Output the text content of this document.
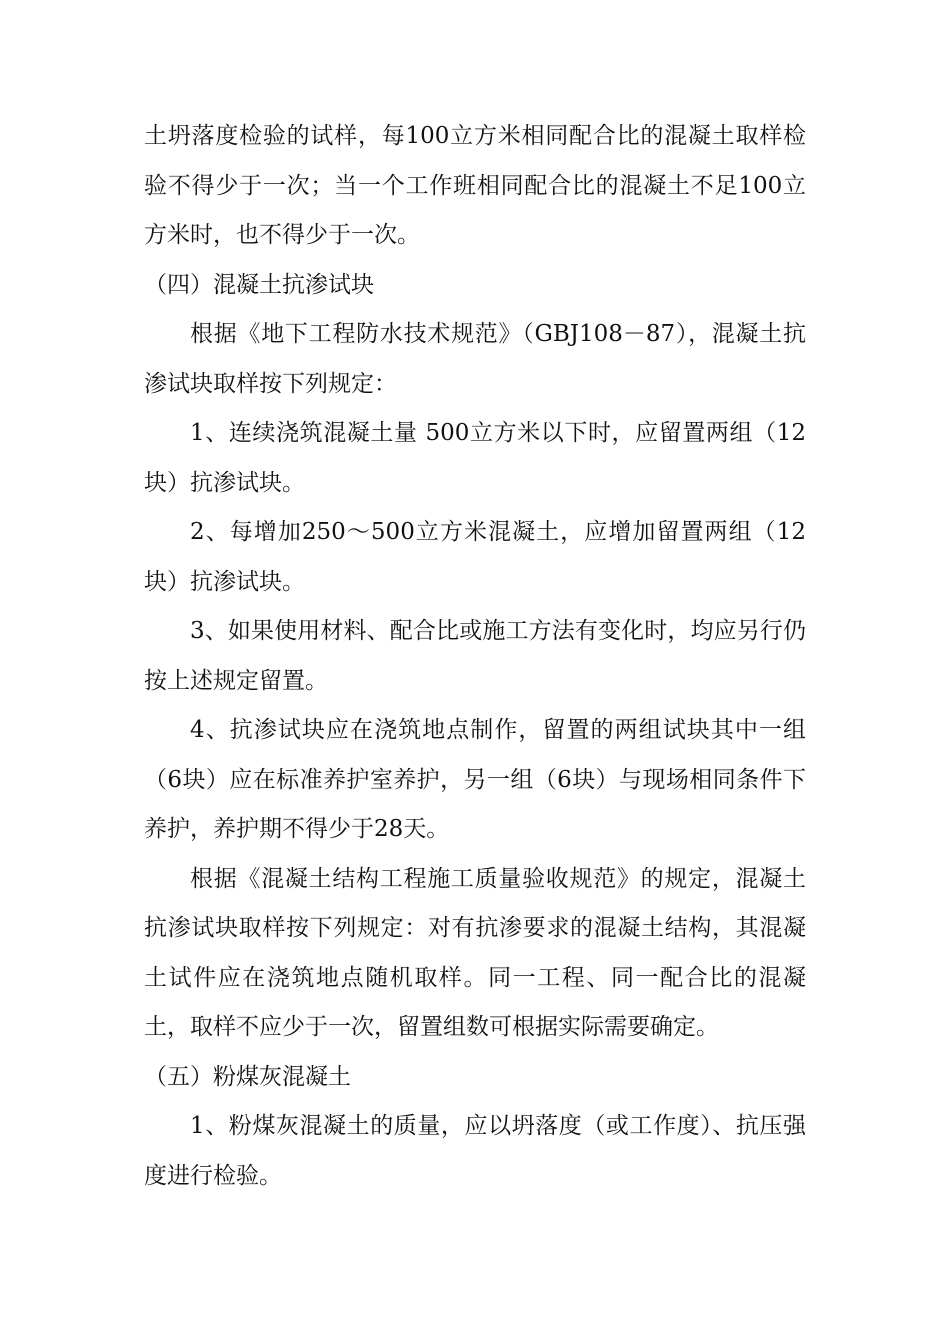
土坍落度检验的试样，每100立方米相同配合比的混凝土取样检验不得少于一次；当一个工作班相同配合比的混凝土不足100立方米时，也不得少于一次。

（四）混凝土抗渗试块

根据《地下工程防水技术规范》（GBJ108－87），混凝土抗渗试块取样按下列规定：

1、连续浇筑混凝土量 500立方米以下时，应留置两组（12块）抗渗试块。

2、每增加250～500立方米混凝土，应增加留置两组（12块）抗渗试块。

3、如果使用材料、配合比或施工方法有变化时，均应另行仍按上述规定留置。

4、抗渗试块应在浇筑地点制作，留置的两组试块其中一组（6块）应在标准养护室养护，另一组（6块）与现场相同条件下养护，养护期不得少于28天。

根据《混凝土结构工程施工质量验收规范》的规定，混凝土抗渗试块取样按下列规定：对有抗渗要求的混凝土结构，其混凝土试件应在浇筑地点随机取样。同一工程、同一配合比的混凝土，取样不应少于一次，留置组数可根据实际需要确定。

（五）粉煤灰混凝土

1、粉煤灰混凝土的质量，应以坍落度（或工作度）、抗压强度进行检验。
